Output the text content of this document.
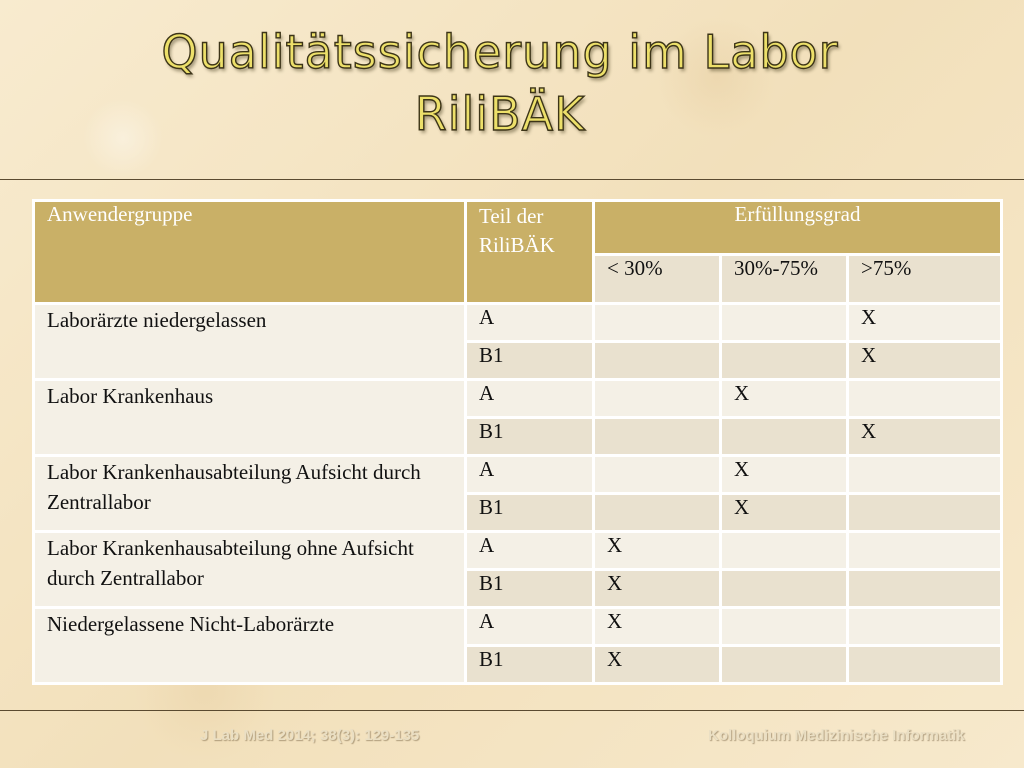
Qualitätssicherung im Labor
RiliBÄK
Anwendergruppe	Teil der RiliBÄK	Erfüllungsgrad		
		< 30%	30%-75%	>75%
Laborärzte niedergelassen	A			X
	B1			X
Labor Krankenhaus	A		X	
	B1			X
Labor Krankenhausabteilung Aufsicht durch Zentrallabor	A		X	
	B1		X	
Labor Krankenhausabteilung ohne Aufsicht durch Zentrallabor	A	X		
	B1	X		
Niedergelassene Nicht-Laborärzte	A	X		
	B1	X		
J Lab Med 2014; 38(3): 129-135	Kolloquium Medizinische Informatik
